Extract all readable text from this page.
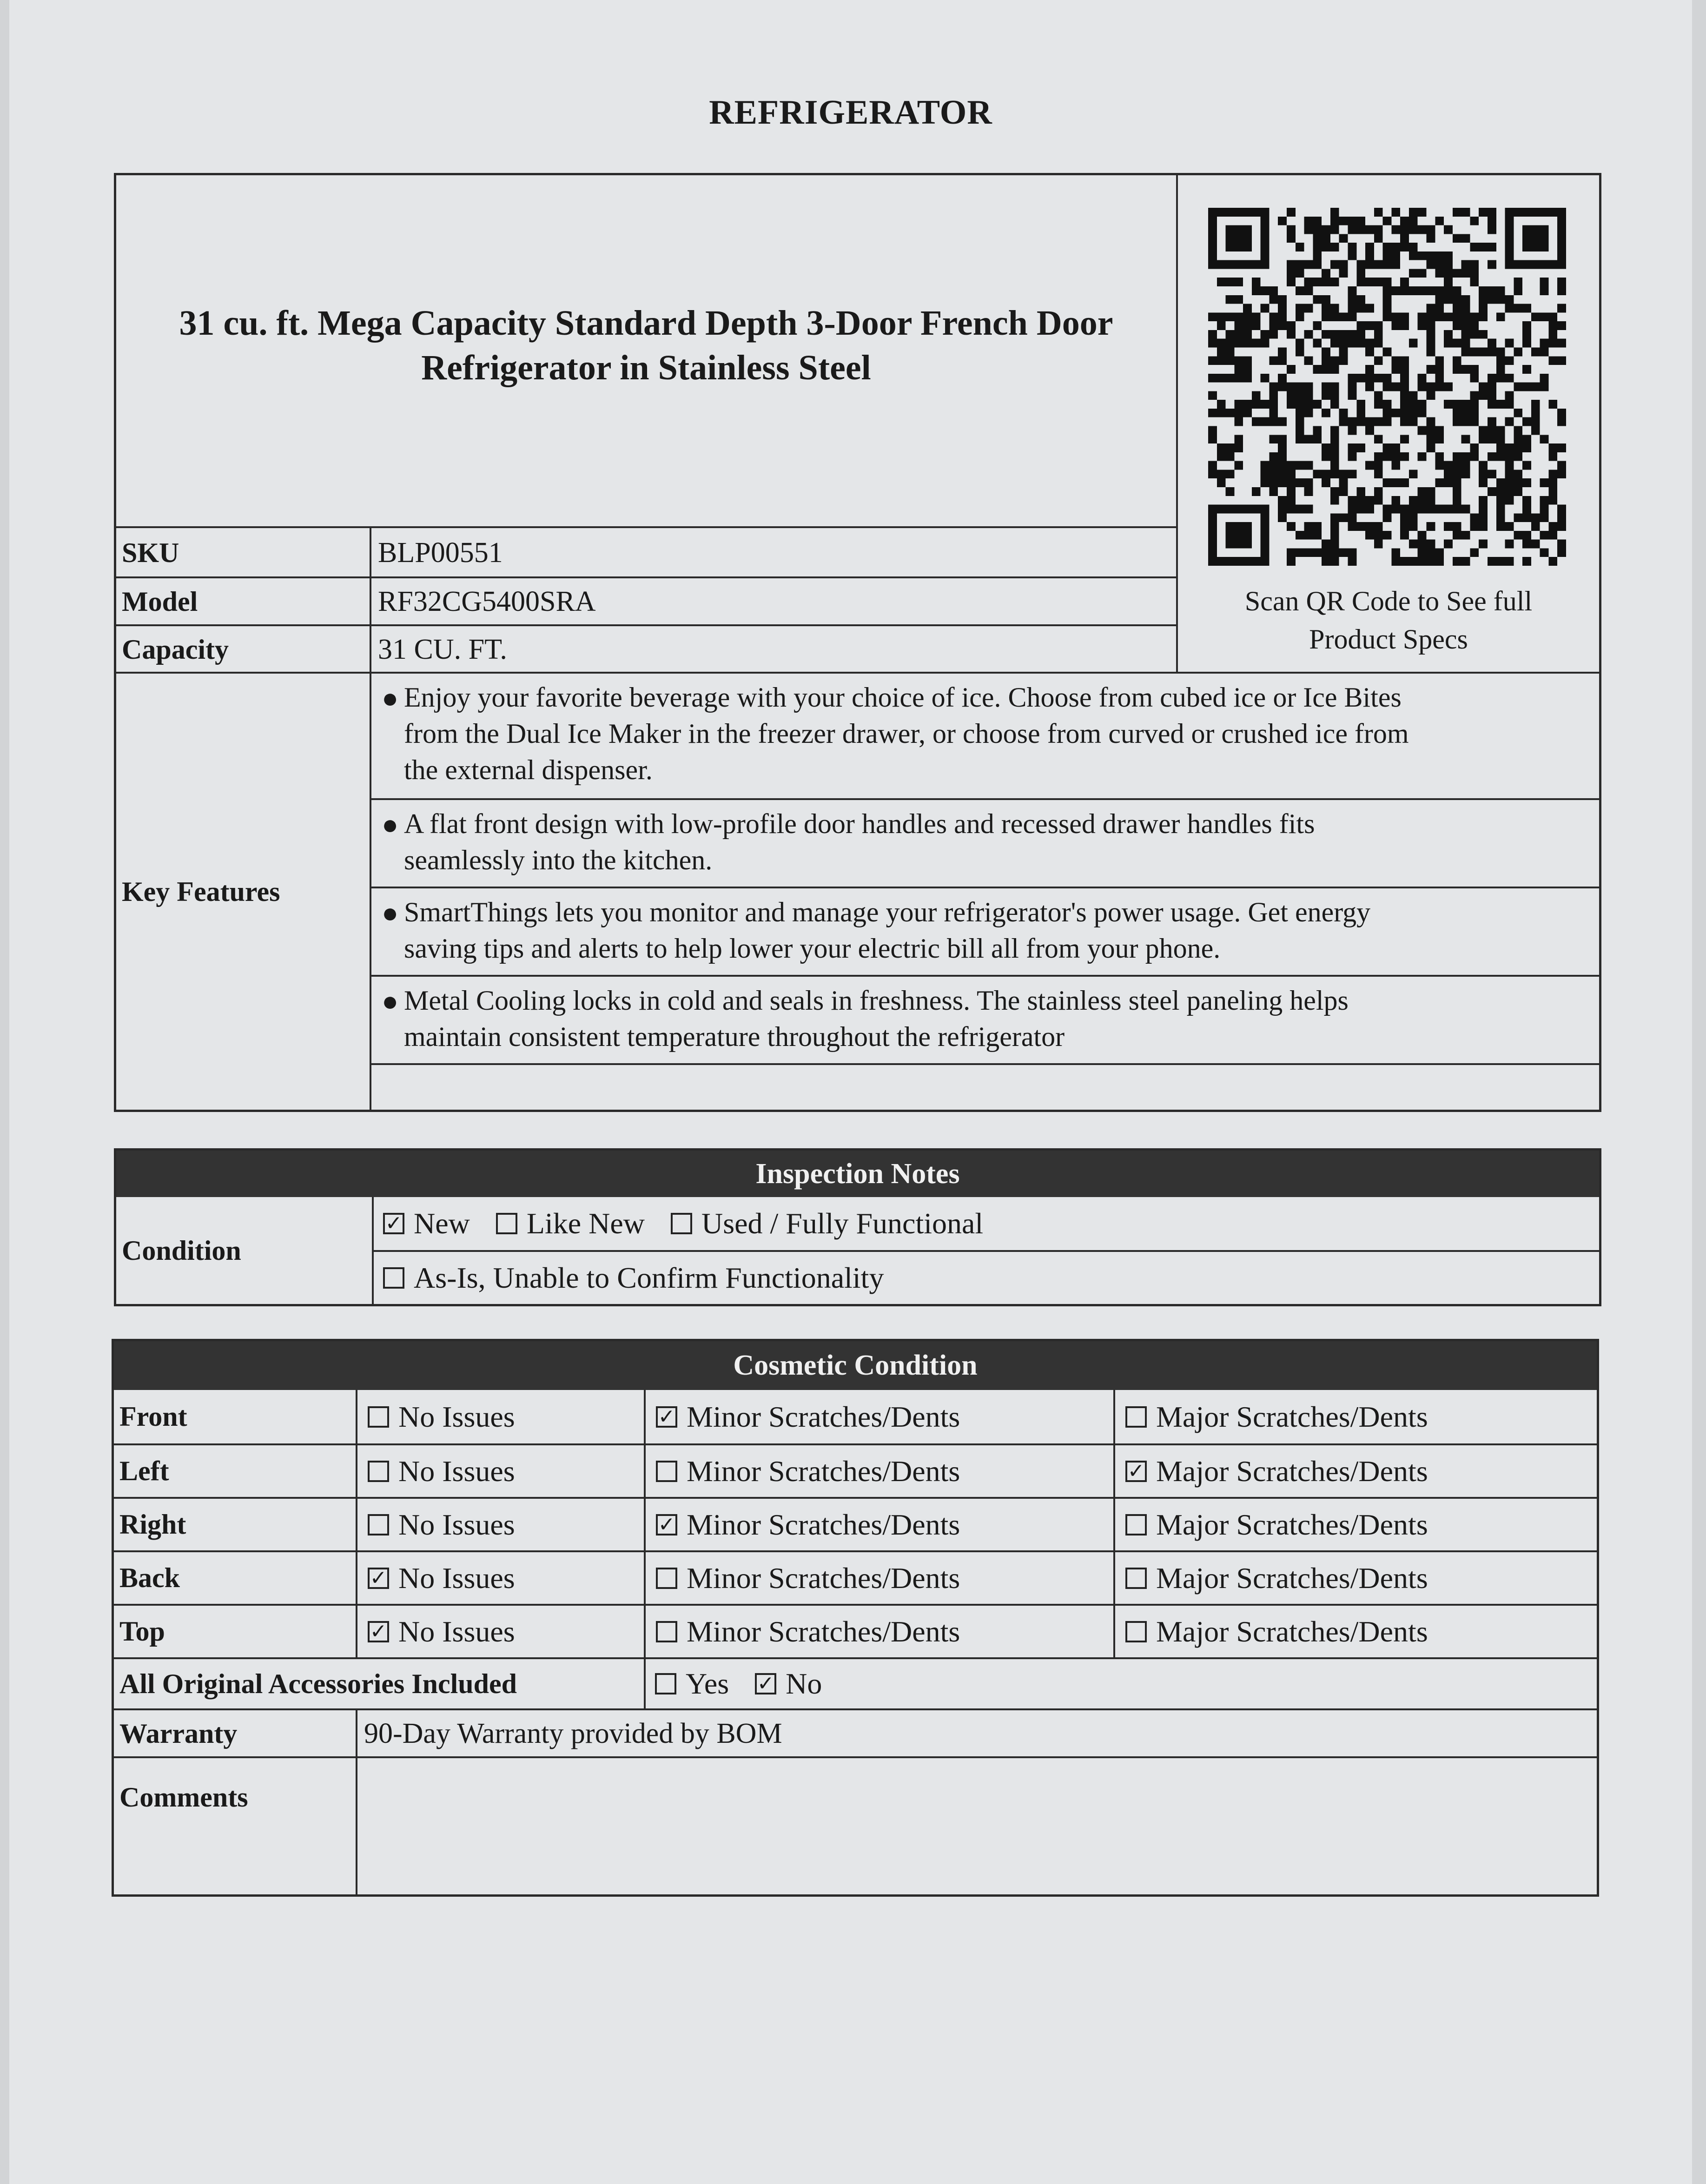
REFRIGERATOR
31 cu. ft. Mega Capacity Standard Depth 3-Door French Door
Refrigerator in Stainless Steel
Scan QR Code to See full
Product Specs
SKU	BLP00551
Model	RF32CG5400SRA
Capacity	31 CU. FT.
Key Features
● Enjoy your favorite beverage with your choice of ice. Choose from cubed ice or Ice Bites
from the Dual Ice Maker in the freezer drawer, or choose from curved or crushed ice from
the external dispenser.
● A flat front design with low-profile door handles and recessed drawer handles fits
seamlessly into the kitchen.
● SmartThings lets you monitor and manage your refrigerator's power usage. Get energy
saving tips and alerts to help lower your electric bill all from your phone.
● Metal Cooling locks in cold and seals in freshness. The stainless steel paneling helps
maintain consistent temperature throughout the refrigerator
Inspection Notes
Condition
✓ New Like New Used / Fully Functional
As-Is, Unable to Confirm Functionality
Cosmetic Condition
Front	No Issues	✓ Minor Scratches/Dents	Major Scratches/Dents
Left	No Issues	Minor Scratches/Dents	✓ Major Scratches/Dents
Right	No Issues	✓ Minor Scratches/Dents	Major Scratches/Dents
Back	✓ No Issues	Minor Scratches/Dents	Major Scratches/Dents
Top	✓ No Issues	Minor Scratches/Dents	Major Scratches/Dents
All Original Accessories Included	Yes ✓ No
Warranty	90-Day Warranty provided by BOM
Comments
